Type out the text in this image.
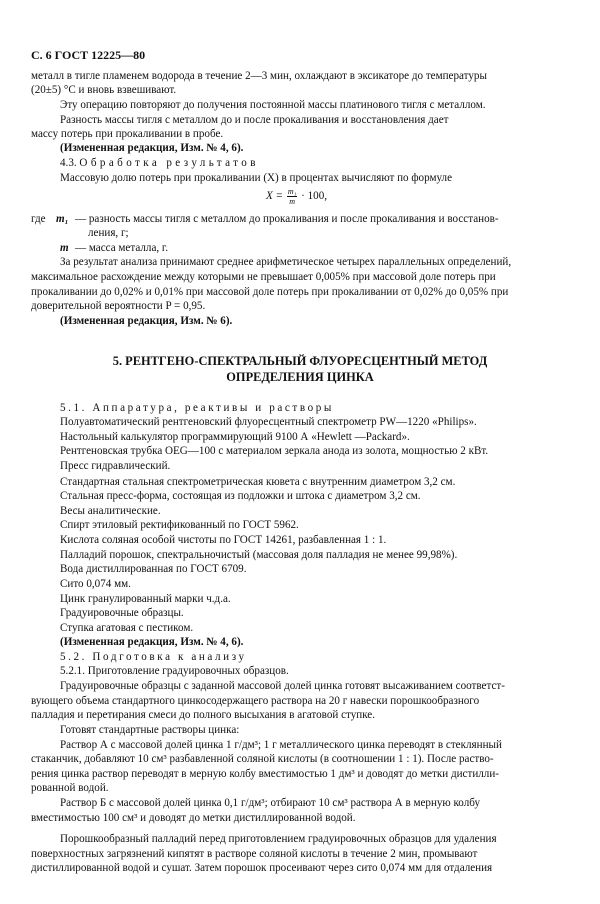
С. 6 ГОСТ 12225—80
металл в тигле пламенем водорода в течение 2—3 мин, охлаждают в эксикаторе до температуры
(20±5) °С и вновь взвешивают.
Эту операцию повторяют до получения постоянной массы платинового тигля с металлом.
Разность массы тигля с металлом до и после прокаливания и восстановления дает
массу потерь при прокаливании в пробе.
(Измененная редакция, Изм. № 4, 6).
4.3. Обработка результатов
Массовую долю потерь при прокаливании (X) в процентах вычисляют по формуле
$X = \frac{\text{m₁}}{m} \cdot 100$,
где m₁ — разность массы тигля с металлом до прокаливания и после прокаливания и восстанов-
ления, г;
m — масса металла, г.
За результат анализа принимают среднее арифметическое четырех параллельных определений,
максимальное расхождение между которыми не превышает 0,005% при массовой доле потерь при
прокаливании до 0,02% и 0,01% при массовой доле потерь при прокаливании от 0,02% до 0,05% при
доверительной вероятности P = 0,95.
(Измененная редакция, Изм. № 6).
5. РЕНТГЕНО-СПЕКТРАЛЬНЫЙ ФЛУОРЕСЦЕНТНЫЙ МЕТОД
ОПРЕДЕЛЕНИЯ ЦИНКА
5.1. Аппаратура, реактивы и растворы
Полуавтоматический рентгеновский флуоресцентный спектрометр PW—1220 «Philips».
Настольный калькулятор программирующий 9100 А «Hewlett —Packard».
Рентгеновская трубка OEG—100 с материалом зеркала анода из золота, мощностью 2 кВт.
Пресс гидравлический.
Стандартная стальная спектрометрическая кювета с внутренним диаметром 3,2 см.
Стальная пресс-форма, состоящая из подложки и штока с диаметром 3,2 см.
Весы аналитические.
Спирт этиловый ректификованный по ГОСТ 5962.
Кислота соляная особой чистоты по ГОСТ 14261, разбавленная 1 : 1.
Палладий порошок, спектральночистый (массовая доля палладия не менее 99,98%).
Вода дистиллированная по ГОСТ 6709.
Сито 0,074 мм.
Цинк гранулированный марки ч.д.а.
Градуировочные образцы.
Ступка агатовая с пестиком.
(Измененная редакция, Изм. № 4, 6).
5.2. Подготовка к анализу
5.2.1. Приготовление градуировочных образцов.
Градуировочные образцы с заданной массовой долей цинка готовят высаживанием соответст-
вующего объема стандартного цинкосодержащего раствора на 20 г навески порошкообразного
палладия и перетирания смеси до полного высыхания в агатовой ступке.
Готовят стандартные растворы цинка:
Раствор А с массовой долей цинка 1 г/дм³; 1 г металлического цинка переводят в стеклянный
стаканчик, добавляют 10 см³ разбавленной соляной кислоты (в соотношении 1 : 1). После раство-
рения цинка раствор переводят в мерную колбу вместимостью 1 дм³ и доводят до метки дистилли-
рованной водой.
Раствор Б с массовой долей цинка 0,1 г/дм³; отбирают 10 см³ раствора А в мерную колбу
вместимостью 100 см³ и доводят до метки дистиллированной водой.
Порошкообразный палладий перед приготовлением градуировочных образцов для удаления
поверхностных загрязнений кипятят в растворе соляной кислоты в течение 2 мин, промывают
дистиллированной водой и сушат. Затем порошок просеивают через сито 0,074 мм для отдаления
